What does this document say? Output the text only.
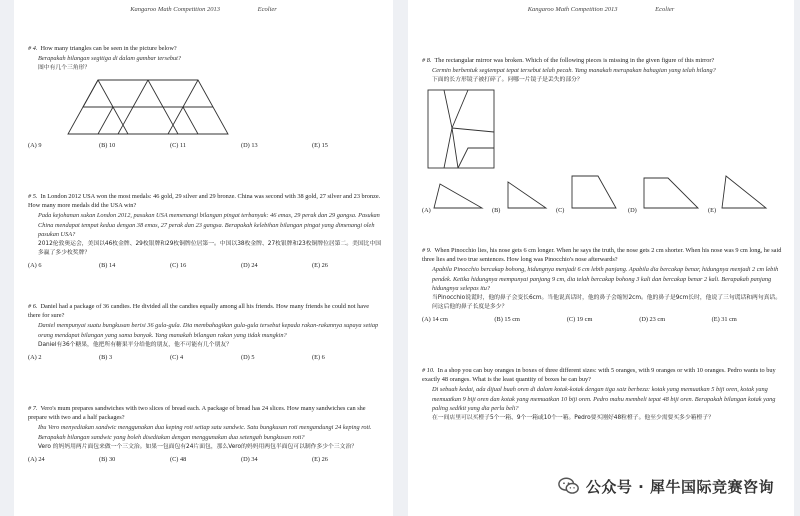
Kangaroo Math Competition 2013	Ecolier

# 4. How many triangles can be seen in the picture below?

Berapakah bilangan segitiga di dalam gambar tersebut?

图中有几个三角形？

(A) 9	(B) 10	(C) 11	(D) 13	(E) 15

# 5. In London 2012 USA won the most medals: 46 gold, 29 silver and 29 bronze. China was second with 38 gold, 27 silver and 23 bronze. How many more medals did the USA win?

Pada kejohanan sukan London 2012, pasukan USA memenangi bilangan pingat terbanyak: 46 emas, 29 perak dan 29 gangsa. Pasukan China mendapat tempat kedua dengan 38 emas, 27 perak dan 23 gangsa. Berapakah kelebihan bilangan pingat yang dimenangi oleh pasukan USA?

2012伦敦奥运会，美国以46枚金牌、29枚银牌和29枚铜牌位居第一。中国以38枚金牌、27枚银牌和23枚铜牌位居第二。美国比中国多赢了多少枚奖牌？

(A) 6	(B) 14	(C) 16	(D) 24	(E) 26

# 6. Daniel had a package of 36 candies. He divided all the candies equally among all his friends. How many friends he could not have there for sure?

Daniel mempunyai suatu bungkusan berisi 36 gula-gula. Dia membahagikan gula-gula tersebut kepada rakan-rakannya supaya setiap orang mendapat bilangan yang sama banyak. Yang manakah bilangan rakan yang tidak mungkin?

Daniel有36个糖果，他把所有糖果平分给他的朋友，他不可能有几个朋友？

(A) 2	(B) 3	(C) 4	(D) 5	(E) 6

# 7. Vero's mum prepares sandwiches with two slices of bread each. A package of bread has 24 slices. How many sandwiches can she prepare with two and a half packages?

Ibu Vero menyediakan sandwic menggunakan dua keping roti setiap satu sandwic. Satu bungkusan roti mengandungi 24 keping roti. Berapakah bilangan sandwic yang boleh disediakan dengan menggunakan dua setengah bungkusan roti?

Vero 的妈妈用两片面包来做一个三文治。如果一包面包有24片面包，那么Vero的妈妈用两包半面包可以制作多少个三文治？

(A) 24	(B) 30	(C) 48	(D) 34	(E) 26
Kangaroo Math Competition 2013	Ecolier

# 8. The rectangular mirror was broken. Which of the following pieces is missing in the given figure of this mirror?

Cermin berbentuk segiempat tepat tersebut telah pecah. Yang manakah merupakan bahagian yang telah hilang?

下面的长方形镜子被打碎了。问哪一片镜子是丢失的部分？

(A)	(B)	(C)	(D)	(E)

# 9. When Pinocchio lies, his nose gets 6 cm longer. When he says the truth, the nose gets 2 cm shorter. When his nose was 9 cm long, he said three lies and two true sentences. How long was Pinocchio's nose afterwards?

Apabila Pinocchio bercakap bohong, hidungnya menjadi 6 cm lebih panjang. Apabila dia bercakap benar, hidungnya menjadi 2 cm lebih pendek. Ketika hidungnya mempunyai panjang 9 cm, dia telah bercakap bohong 3 kali dan bercakap benar 2 kali. Berapakah panjang hidungnya selepas itu?

当Pinocchio说谎时，他的鼻子会变长6cm。当他说真话时，他的鼻子会缩短2cm。他的鼻子是9cm长时，他说了三句谎话和两句真话。问这后他的鼻子长度是多少？

(A) 14 cm	(B) 15 cm	(C) 19 cm	(D) 23 cm	(E) 31 cm

# 10. In a shop you can buy oranges in boxes of three different sizes: with 5 oranges, with 9 oranges or with 10 oranges. Pedro wants to buy exactly 48 oranges. What is the least quantity of boxes he can buy?

Di sebuah kedai, ada dijual buah oren di dalam kotak-kotak dengan tiga saiz berbeza: kotak yang memuatkan 5 biji oren, kotak yang memuatkan 9 biji oren dan kotak yang memuatkan 10 biji oren. Pedro mahu membeli tepat 48 biji oren. Berapakah bilangan kotak yang paling sedikit yang dia perlu beli?

在一间店里可以买橙子5个一箱、9个一箱或10个一箱。Pedro要买刚好48粒橙子。他至少需要买多少箱橙子？

公众号 · 犀牛国际竞赛咨询
